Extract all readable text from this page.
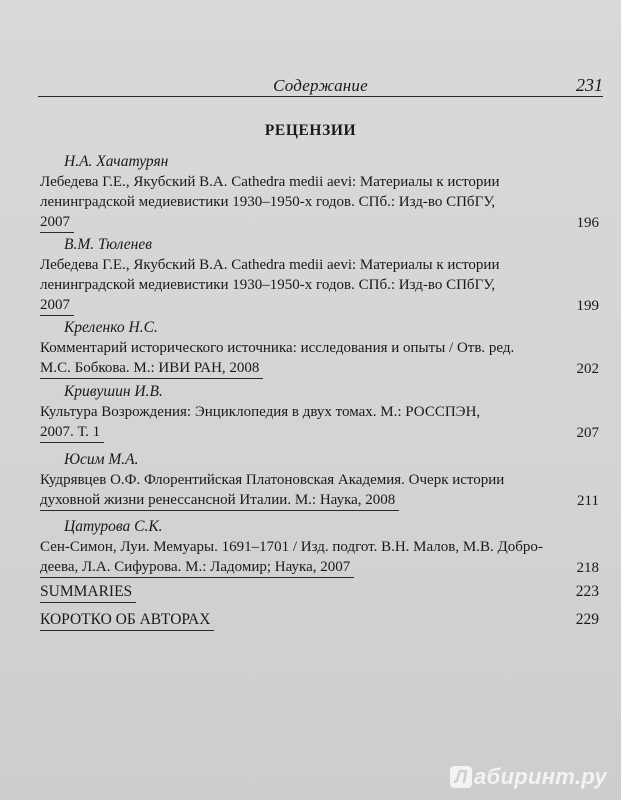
Содержание	231
РЕЦЕНЗИИ
Н.А. Хачатурян
Лебедева Г.Е., Якубский В.А. Cathedra medii aevi: Материалы к истории
ленинградской медиевистики 1930–1950-х годов. СПб.: Изд-во СПбГУ,
2007	196
В.М. Тюленев
Лебедева Г.Е., Якубский В.А. Cathedra medii aevi: Материалы к истории
ленинградской медиевистики 1930–1950-х годов. СПб.: Изд-во СПбГУ,
2007	199
Креленко Н.С.
Комментарий исторического источника: исследования и опыты / Отв. ред.
М.С. Бобкова. М.: ИВИ РАН, 2008	202
Кривушин И.В.
Культура Возрождения: Энциклопедия в двух томах. М.: РОССПЭН,
2007. Т. 1	207
Юсим М.А.
Кудрявцев О.Ф. Флорентийская Платоновская Академия. Очерк истории
духовной жизни ренессансной Италии. М.: Наука, 2008	211
Цатурова С.К.
Сен-Симон, Луи. Мемуары. 1691–1701 / Изд. подгот. В.Н. Малов, М.В. Добро-
деева, Л.А. Сифурова. М.: Ладомир; Наука, 2007	218
SUMMARIES	223
КОРОТКО ОБ АВТОРАХ	229
Л абиринт.ру
